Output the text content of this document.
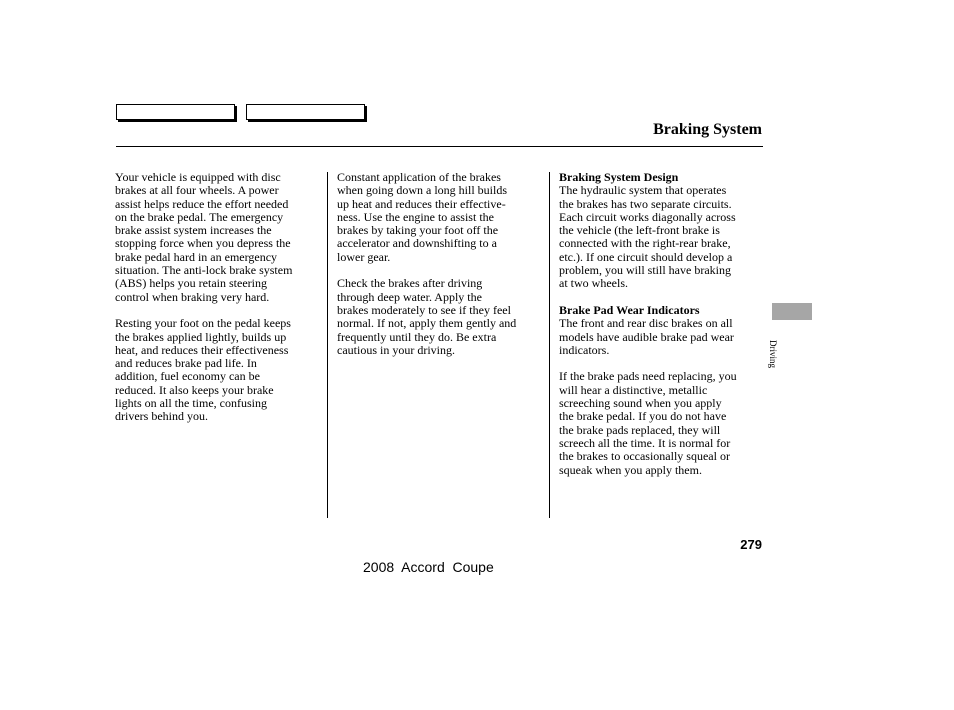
Braking System

Your vehicle is equipped with disc
brakes at all four wheels. A power
assist helps reduce the effort needed
on the brake pedal. The emergency
brake assist system increases the
stopping force when you depress the
brake pedal hard in an emergency
situation. The anti-lock brake system
(ABS) helps you retain steering
control when braking very hard.

Resting your foot on the pedal keeps
the brakes applied lightly, builds up
heat, and reduces their effectiveness
and reduces brake pad life. In
addition, fuel economy can be
reduced. It also keeps your brake
lights on all the time, confusing
drivers behind you.

Constant application of the brakes
when going down a long hill builds
up heat and reduces their effective-
ness. Use the engine to assist the
brakes by taking your foot off the
accelerator and downshifting to a
lower gear.

Check the brakes after driving
through deep water. Apply the
brakes moderately to see if they feel
normal. If not, apply them gently and
frequently until they do. Be extra
cautious in your driving.

Braking System Design

The hydraulic system that operates
the brakes has two separate circuits.
Each circuit works diagonally across
the vehicle (the left-front brake is
connected with the right-rear brake,
etc.). If one circuit should develop a
problem, you will still have braking
at two wheels.

Brake Pad Wear Indicators

The front and rear disc brakes on all
models have audible brake pad wear
indicators.

If the brake pads need replacing, you
will hear a distinctive, metallic
screeching sound when you apply
the brake pedal. If you do not have
the brake pads replaced, they will
screech all the time. It is normal for
the brakes to occasionally squeal or
squeak when you apply them.

Driving
279
2008  Accord  Coupe
